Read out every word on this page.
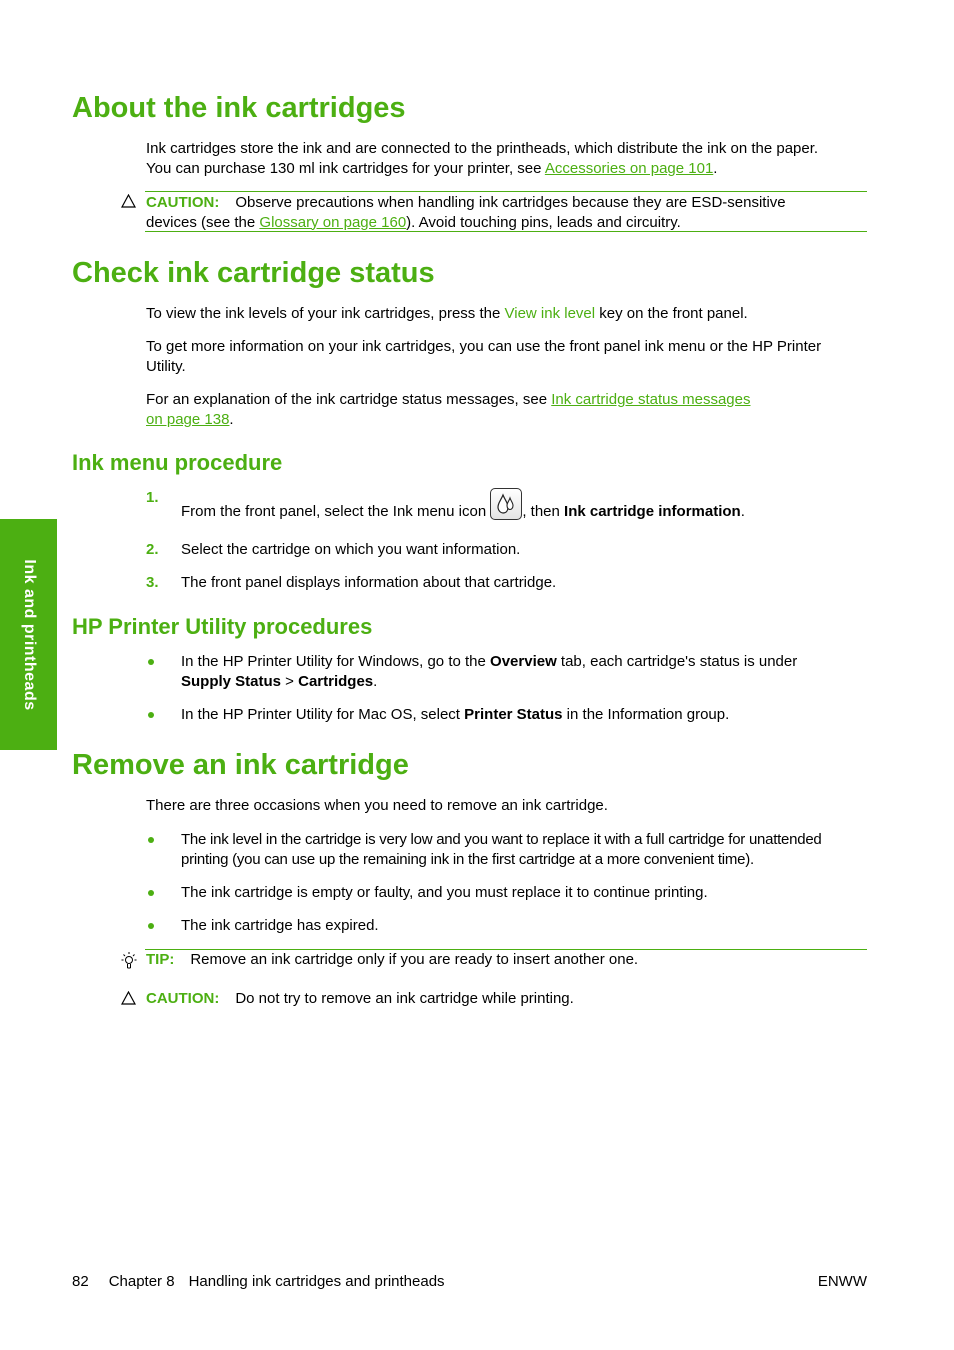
Ink and printheads
About the ink cartridges
Ink cartridges store the ink and are connected to the printheads, which distribute the ink on the paper.
You can purchase 130 ml ink cartridges for your printer, see Accessories on page 101.
CAUTION: Observe precautions when handling ink cartridges because they are ESD-sensitive
devices (see the Glossary on page 160). Avoid touching pins, leads and circuitry.
Check ink cartridge status
To view the ink levels of your ink cartridges, press the View ink level key on the front panel.
To get more information on your ink cartridges, you can use the front panel ink menu or the HP Printer
Utility.
For an explanation of the ink cartridge status messages, see Ink cartridge status messages
on page 138.
Ink menu procedure
1.
From the front panel, select the Ink menu icon
, then Ink cartridge information.
2. Select the cartridge on which you want information.
3. The front panel displays information about that cartridge.
HP Printer Utility procedures
In the HP Printer Utility for Windows, go to the Overview tab, each cartridge's status is under
Supply Status > Cartridges.
In the HP Printer Utility for Mac OS, select Printer Status in the Information group.
Remove an ink cartridge
There are three occasions when you need to remove an ink cartridge.
The ink level in the cartridge is very low and you want to replace it with a full cartridge for unattended
printing (you can use up the remaining ink in the first cartridge at a more convenient time).
The ink cartridge is empty or faulty, and you must replace it to continue printing.
The ink cartridge has expired.
TIP: Remove an ink cartridge only if you are ready to insert another one.
CAUTION: Do not try to remove an ink cartridge while printing.
82 Chapter 8 Handling ink cartridges and printheads	ENWW
